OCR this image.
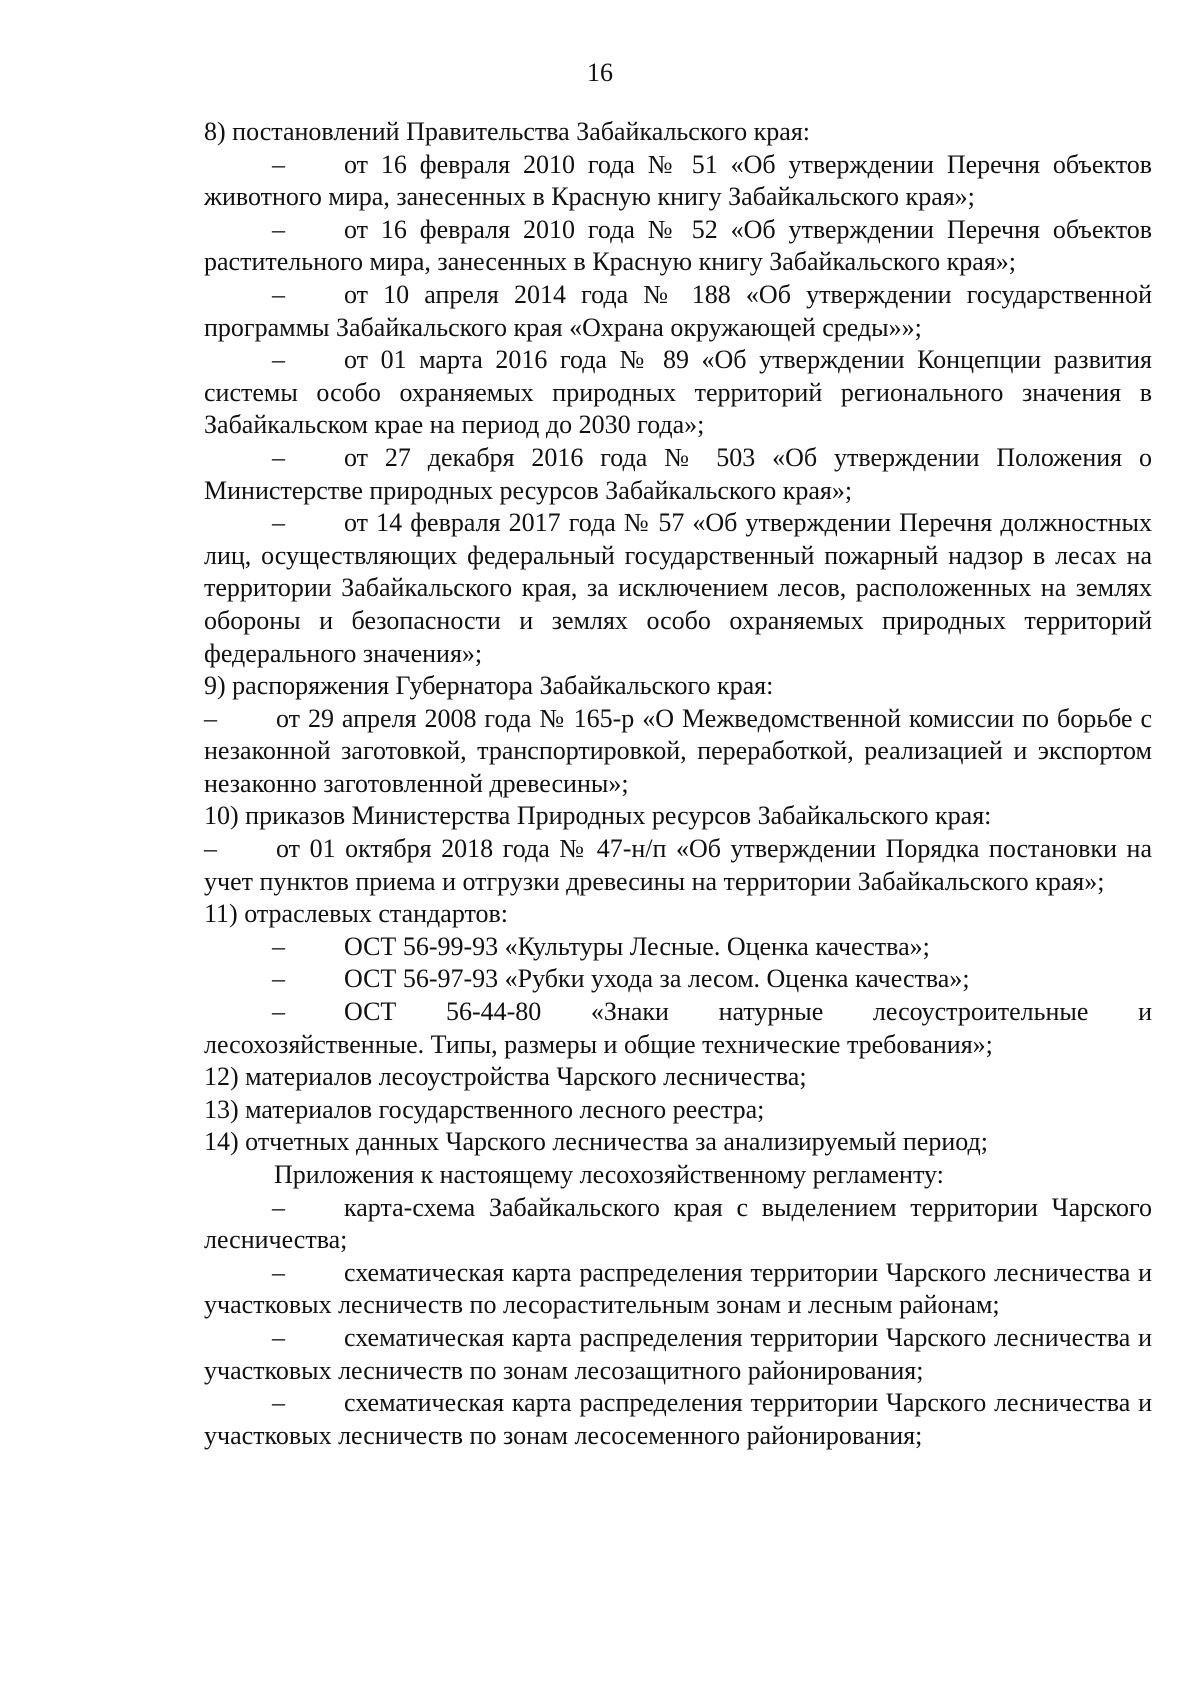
16

8) постановлений Правительства Забайкальского края:

– от 16 февраля 2010 года № 51 «Об утверждении Перечня объектов животного мира, занесенных в Красную книгу Забайкальского края»;

– от 16 февраля 2010 года № 52 «Об утверждении Перечня объектов растительного мира, занесенных в Красную книгу Забайкальского края»;

– от 10 апреля 2014 года № 188 «Об утверждении государственной программы Забайкальского края «Охрана окружающей среды»»;

– от 01 марта 2016 года № 89 «Об утверждении Концепции развития системы особо охраняемых природных территорий регионального значения в Забайкальском крае на период до 2030 года»;

– от 27 декабря 2016 года № 503 «Об утверждении Положения о Министерстве природных ресурсов Забайкальского края»;

– от 14 февраля 2017 года № 57 «Об утверждении Перечня должностных лиц, осуществляющих федеральный государственный пожарный надзор в лесах на территории Забайкальского края, за исключением лесов, расположенных на землях обороны и безопасности и землях особо охраняемых природных территорий федерального значения»;

9) распоряжения Губернатора Забайкальского края:

– от 29 апреля 2008 года № 165-р «О Межведомственной комиссии по борьбе с незаконной заготовкой, транспортировкой, переработкой, реализацией и экспортом незаконно заготовленной древесины»;

10) приказов Министерства Природных ресурсов Забайкальского края:

– от 01 октября 2018 года № 47-н/п «Об утверждении Порядка постановки на учет пунктов приема и отгрузки древесины на территории Забайкальского края»;

11) отраслевых стандартов:

– ОСТ 56-99-93 «Культуры Лесные. Оценка качества»;

– ОСТ 56-97-93 «Рубки ухода за лесом. Оценка качества»;

– ОСТ 56-44-80 «Знаки натурные лесоустроительные и лесохозяйственные. Типы, размеры и общие технические требования»;

12) материалов лесоустройства Чарского лесничества;

13) материалов государственного лесного реестра;

14) отчетных данных Чарского лесничества за анализируемый период;

Приложения к настоящему лесохозяйственному регламенту:

– карта-схема Забайкальского края с выделением территории Чарского лесничества;

– схематическая карта распределения территории Чарского лесничества и участковых лесничеств по лесорастительным зонам и лесным районам;

– схематическая карта распределения территории Чарского лесничества и участковых лесничеств по зонам лесозащитного районирования;

– схематическая карта распределения территории Чарского лесничества и участковых лесничеств по зонам лесосеменного районирования;
